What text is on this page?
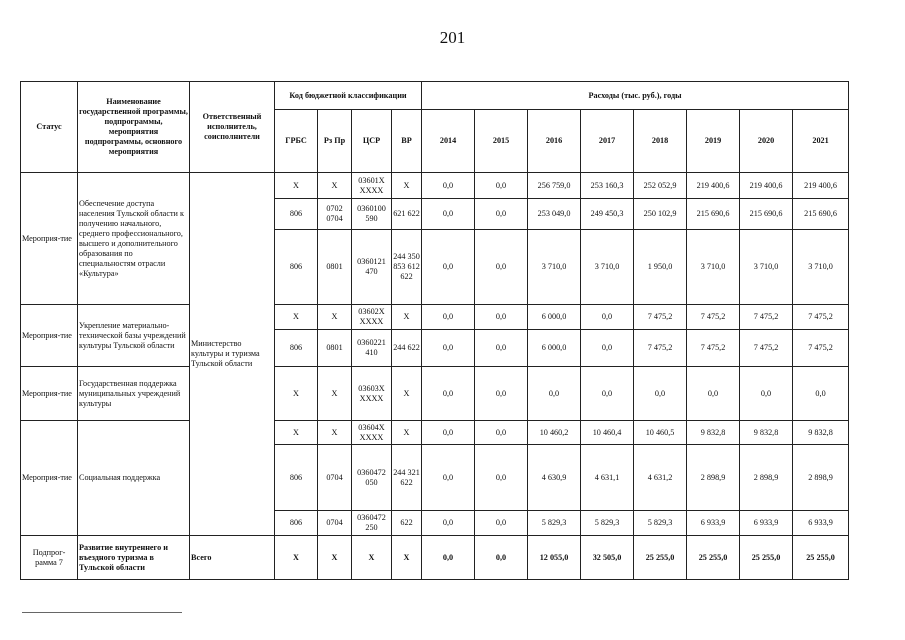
201
Статус	Наименование государственной программы, подпрограммы, мероприятия подпрограммы, основного мероприятия	Ответственный исполнитель, соисполнители	Код бюджетной классификации				Расходы (тыс. руб.), годы							
			ГРБС	Рз Пр	ЦСР	ВР	2014	2015	2016	2017	2018	2019	2020	2021
Мероприя-тие	Обеспечение доступа населения Тульской области к получению начального, среднего профессионального, высшего и дополнительного образования по специальностям отрасли «Культура»	Министерство культуры и туризма Тульской области	X	X	03601X XXXX	X	0,0	0,0	256 759,0	253 160,3	252 052,9	219 400,6	219 400,6	219 400,6
			806	0702 0704	0360100 590	621 622	0,0	0,0	253 049,0	249 450,3	250 102,9	215 690,6	215 690,6	215 690,6
			806	0801	0360121 470	244 350 853 612 622	0,0	0,0	3 710,0	3 710,0	1 950,0	3 710,0	3 710,0	3 710,0
Мероприя-тие	Укрепление материально-технической базы учреждений культуры Тульской области		X	X	03602X XXXX	X	0,0	0,0	6 000,0	0,0	7 475,2	7 475,2	7 475,2	7 475,2
			806	0801	0360221 410	244 622	0,0	0,0	6 000,0	0,0	7 475,2	7 475,2	7 475,2	7 475,2
Мероприя-тие	Государственная поддержка муниципальных учреждений культуры		X	X	03603X XXXX	X	0,0	0,0	0,0	0,0	0,0	0,0	0,0	0,0
Мероприя-тие	Социальная поддержка		X	X	03604X XXXX	X	0,0	0,0	10 460,2	10 460,4	10 460,5	9 832,8	9 832,8	9 832,8
			806	0704	0360472 050	244 321 622	0,0	0,0	4 630,9	4 631,1	4 631,2	2 898,9	2 898,9	2 898,9
			806	0704	0360472 250	622	0,0	0,0	5 829,3	5 829,3	5 829,3	6 933,9	6 933,9	6 933,9
Подпрог-рамма 7	Развитие внутреннего и въездного туризма в Тульской области	Всего	X	X	X	X	0,0	0,0	12 055,0	32 505,0	25 255,0	25 255,0	25 255,0	25 255,0
